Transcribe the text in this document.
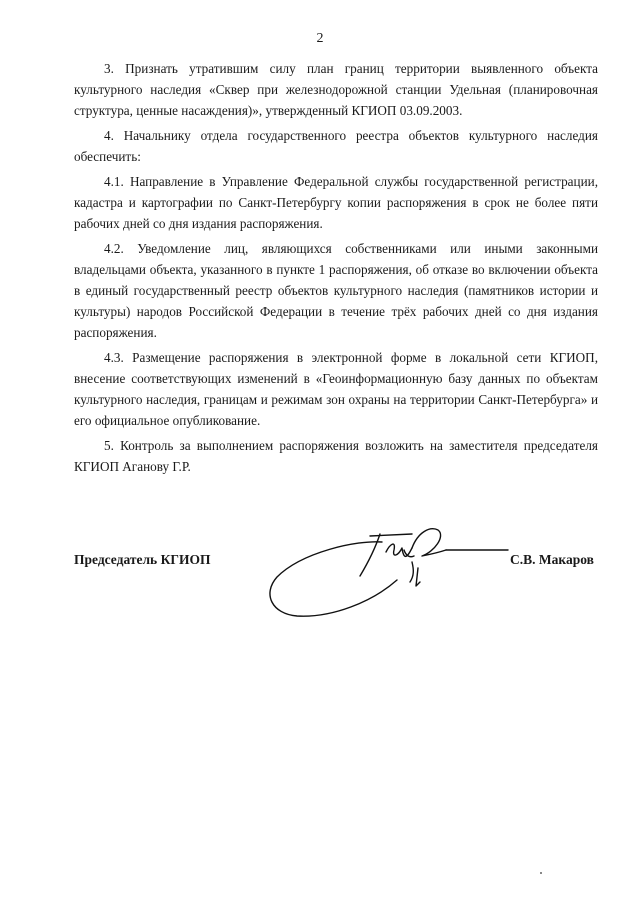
2

3. Признать утратившим силу план границ территории выявленного объекта культурного наследия «Сквер при железнодорожной станции Удельная (планировочная структура, ценные насаждения)», утвержденный КГИОП 03.09.2003.

4. Начальнику отдела государственного реестра объектов культурного наследия обеспечить:

4.1. Направление в Управление Федеральной службы государственной регистрации, кадастра и картографии по Санкт-Петербургу копии распоряжения в срок не более пяти рабочих дней со дня издания распоряжения.

4.2. Уведомление лиц, являющихся собственниками или иными законными владельцами объекта, указанного в пункте 1 распоряжения, об отказе во включении объекта в единый государственный реестр объектов культурного наследия (памятников истории и культуры) народов Российской Федерации в течение трёх рабочих дней со дня издания распоряжения.

4.3. Размещение распоряжения в электронной форме в локальной сети КГИОП, внесение соответствующих изменений в «Геоинформационную базу данных по объектам культурного наследия, границам и режимам зон охраны на территории Санкт-Петербурга» и его официальное опубликование.

5. Контроль за выполнением распоряжения возложить на заместителя председателя КГИОП Аганову Г.Р.

Председатель КГИОП	С.В. Макаров
